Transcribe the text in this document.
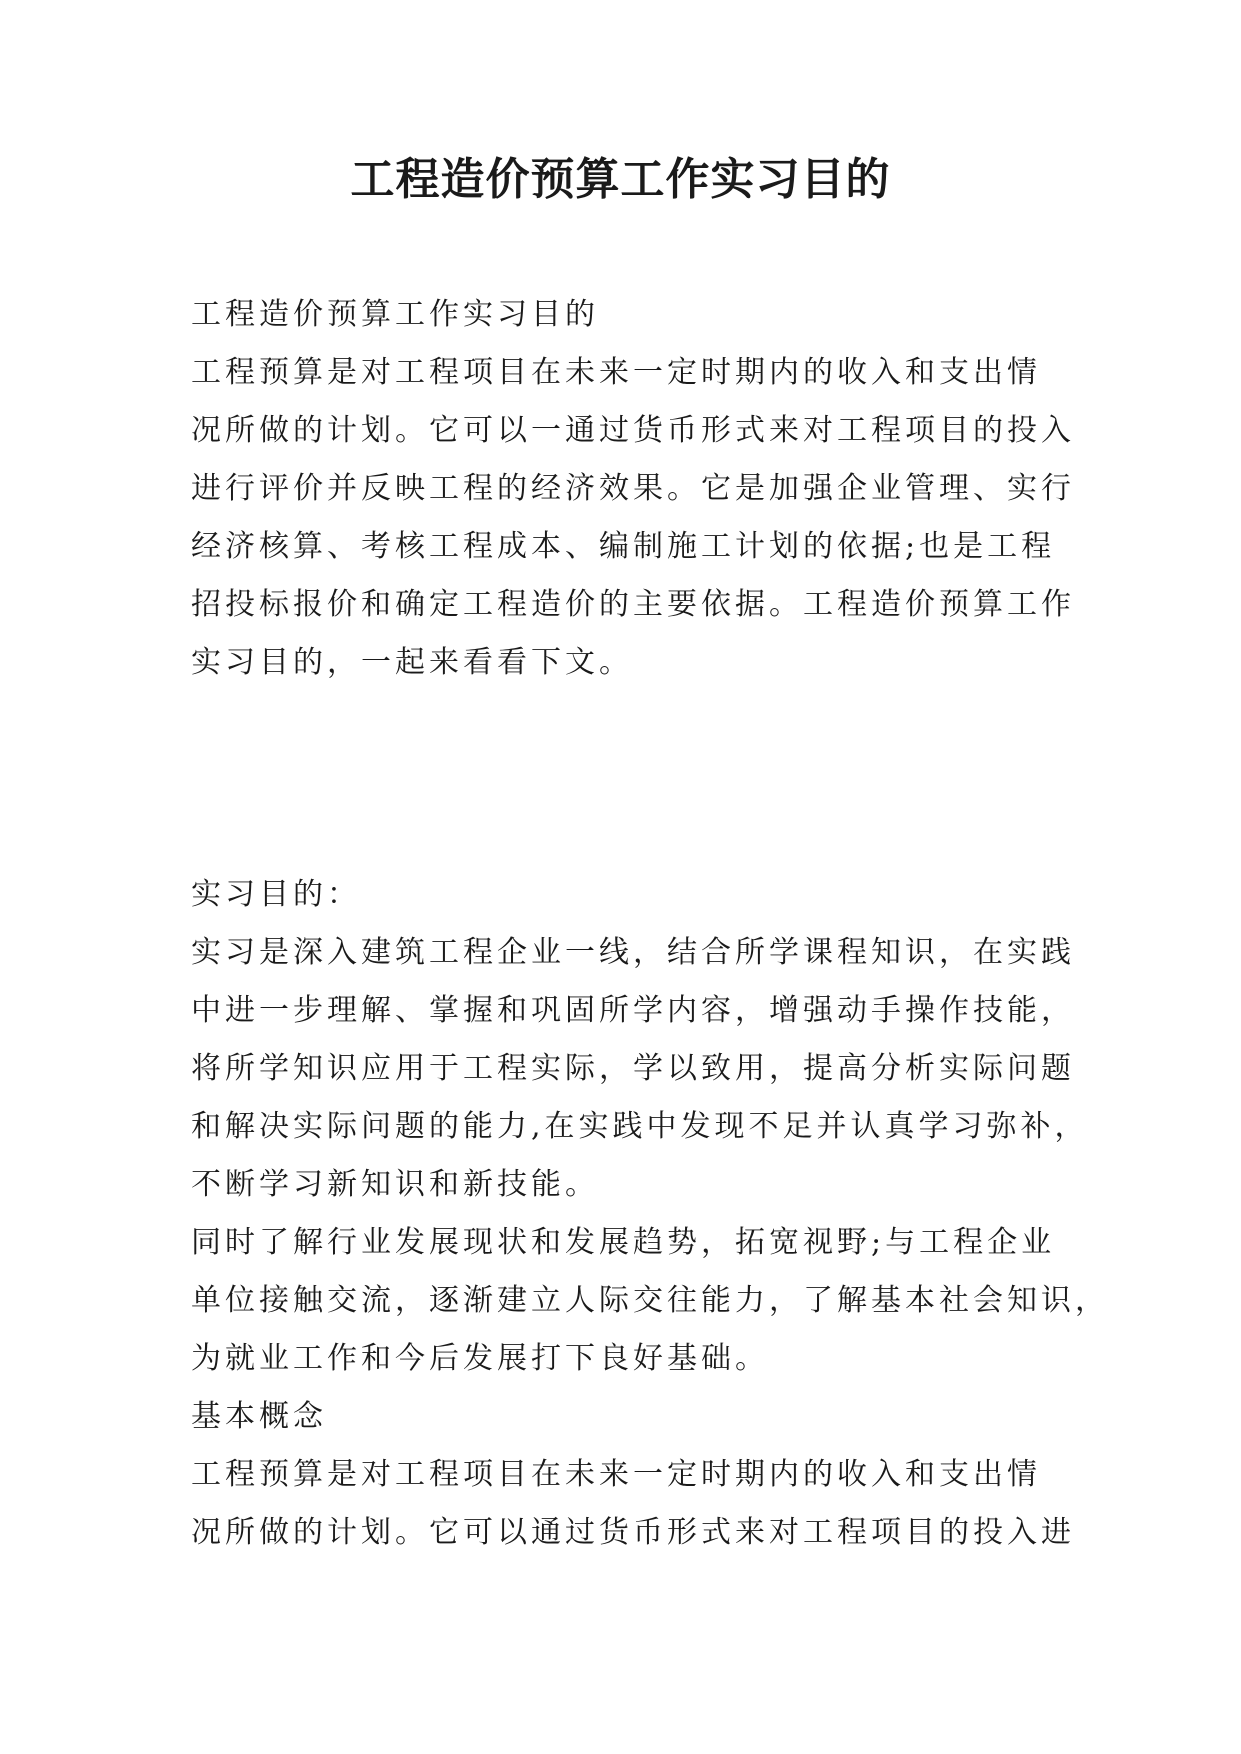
工程造价预算工作实习目的
工程造价预算工作实习目的
工程预算是对工程项目在未来一定时期内的收入和支出情
况所做的计划。它可以一通过货币形式来对工程项目的投入
进行评价并反映工程的经济效果。它是加强企业管理、实行
经济核算、考核工程成本、编制施工计划的依据;也是工程
招投标报价和确定工程造价的主要依据。工程造价预算工作
实习目的，一起来看看下文。
实习目的：
实习是深入建筑工程企业一线，结合所学课程知识，在实践
中进一步理解、掌握和巩固所学内容，增强动手操作技能，
将所学知识应用于工程实际，学以致用，提高分析实际问题
和解决实际问题的能力,在实践中发现不足并认真学习弥补，
不断学习新知识和新技能。
同时了解行业发展现状和发展趋势，拓宽视野;与工程企业
单位接触交流，逐渐建立人际交往能力，了解基本社会知识，
为就业工作和今后发展打下良好基础。
基本概念
工程预算是对工程项目在未来一定时期内的收入和支出情
况所做的计划。它可以通过货币形式来对工程项目的投入进
